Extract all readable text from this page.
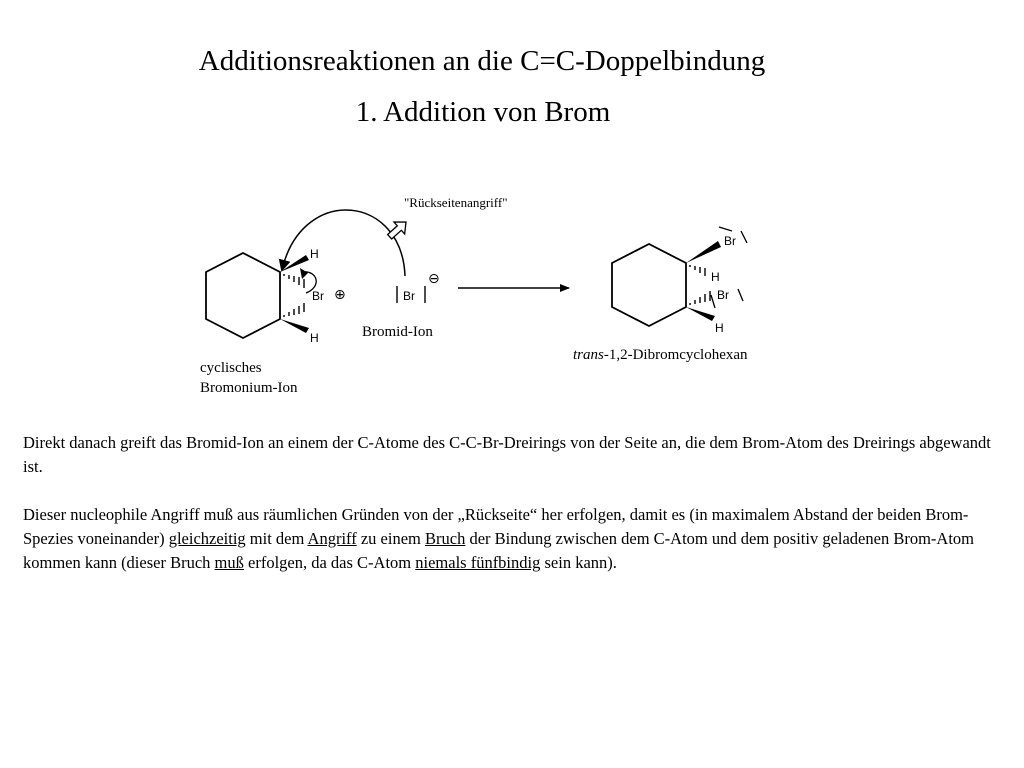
Additionsreaktionen an die C=C-Doppelbindung
1. Addition von Brom
H
H
Br ⊕
"Rückseitenangriff"
Br
⊖
Br
H
Br
H
cyclisches
Bromonium-Ion
Bromid-Ion
trans-1,2-Dibromcyclohexan
Direkt danach greift das Bromid-Ion an einem der C-Atome des C-C-Br-Dreirings von der Seite an, die dem Brom-Atom des Dreirings abgewandt ist.
Dieser nucleophile Angriff muß aus räumlichen Gründen von der „Rückseite“ her erfolgen, damit es (in maximalem Abstand der beiden Brom-Spezies voneinander) gleichzeitig mit dem Angriff zu einem Bruch der Bindung zwischen dem C-Atom und dem positiv geladenen Brom-Atom kommen kann (dieser Bruch muß erfolgen, da das C-Atom niemals fünfbindig sein kann).
